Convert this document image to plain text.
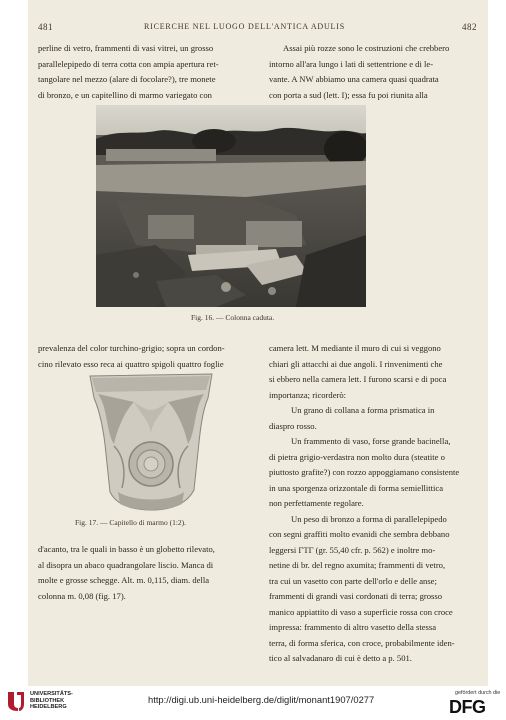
481	RICERCHE NEL LUOGO DELL'ANTICA ADULIS	482
perline di vetro, frammenti di vasi vitrei, un grosso
parallelepipedo di terra cotta con ampia apertura ret-
tangolare nel mezzo (alare di focolare?), tre monete
di bronzo, e un capitellino di marmo variegato con
Assai più rozze sono le costruzioni che crebbero
intorno all'ara lungo i lati di settentrione e di le-
vante. A NW abbiamo una camera quasi quadrata
con porta a sud (lett. I); essa fu poi riunita alla
Fig. 16. — Colonna caduta.
prevalenza del color turchino-grigio; sopra un cordon-
cino rilevato esso reca ai quattro spigoli quattro foglie
Fig. 17. — Capitello di marmo (1:2).
d'acanto, tra le quali in basso è un globetto rilevato,
al disopra un abaco quadrangolare liscio. Manca di
molte e grosse schegge. Alt. m. 0,115, diam. della
colonna m. 0,08 (fig. 17).
camera lett. M mediante il muro di cui si veggono
chiari gli attacchi ai due angoli. I rinvenimenti che
si ebbero nella camera lett. I furono scarsi e di poca
importanza; ricorderò:
Un grano di collana a forma prismatica in
diaspro rosso.
Un frammento di vaso, forse grande bacinella,
di pietra grigio-verdastra non molto dura (steatite o
piuttosto grafite?) con rozzo appoggiamano consistente
in una sporgenza orizzontale di forma semiellittica
non perfettamente regolare.
Un peso di bronzo a forma di parallelepipedo
con segni graffiti molto evanidi che sembra debbano
leggersi ΓΤΓ (gr. 55,40 cfr. p. 562) e inoltre mo-
netine di br. del regno axumita; frammenti di vetro,
tra cui un vasetto con parte dell'orlo e delle anse;
frammenti di grandi vasi cordonati di terra; grosso
manico appiattito di vaso a superficie rossa con croce
impressa: frammento di altro vasetto della stessa
terra, di forma sferica, con croce, probabilmente iden-
tico al salvadanaro di cui è detto a p. 501.
UNIVERSITÄTS-
BIBLIOTHEK
HEIDELBERG
http://digi.ub.uni-heidelberg.de/diglit/monant1907/0277
gefördert durch die
DFG
